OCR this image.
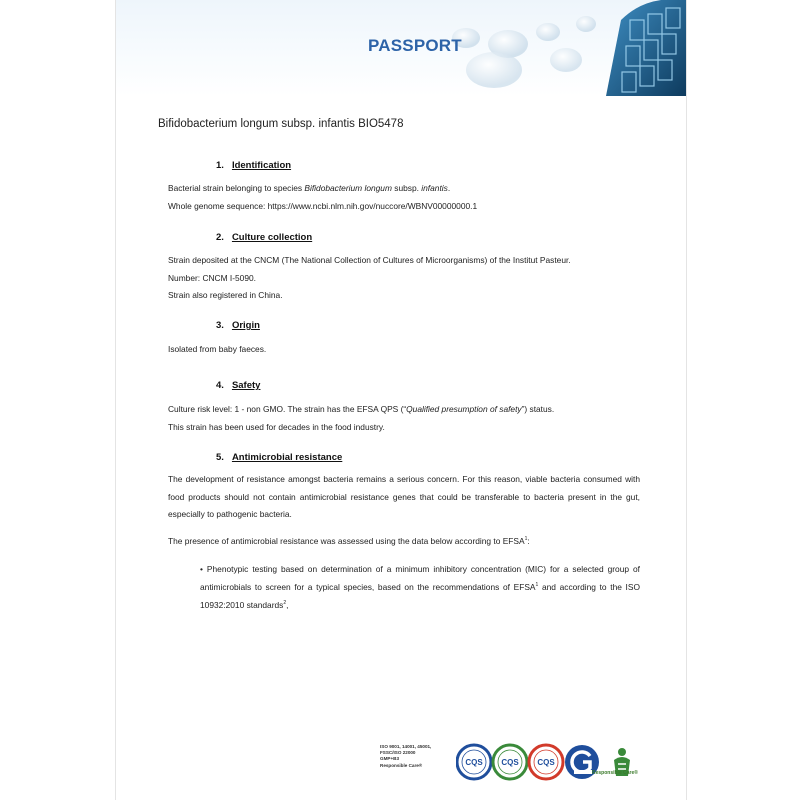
PASSPORT
Bifidobacterium longum subsp. infantis BIO5478
1. Identification

Bacterial strain belonging to species Bifidobacterium longum subsp. infantis.

Whole genome sequence: https://www.ncbi.nlm.nih.gov/nuccore/WBNV00000000.1

2. Culture collection

Strain deposited at the CNCM (The National Collection of Cultures of Microorganisms) of the Institut Pasteur.

Number: CNCM I-5090.

Strain also registered in China.

3. Origin

Isolated from baby faeces.

4. Safety

Culture risk level: 1 - non GMO. The strain has the EFSA QPS (“Qualified presumption of safety”) status.

This strain has been used for decades in the food industry.

5. Antimicrobial resistance
The development of resistance amongst bacteria remains a serious concern. For this reason, viable bacteria consumed with food products should not contain antimicrobial resistance genes that could be transferable to bacteria present in the gut, especially to pathogenic bacteria.
The presence of antimicrobial resistance was assessed using the data below according to EFSA$^1$:
• Phenotypic testing based on determination of a minimum inhibitory concentration (MIC) for a selected group of antimicrobials to screen for a typical species, based on the recommendations of EFSA$^1$ and according to the ISO 10932:2010 standards$^2$,
ISO 9001, 14001, 45001,
FSSC/ISO 22000
GMP+B3
Responsible Care®	CQS CQS CQS
Responsible Care®
